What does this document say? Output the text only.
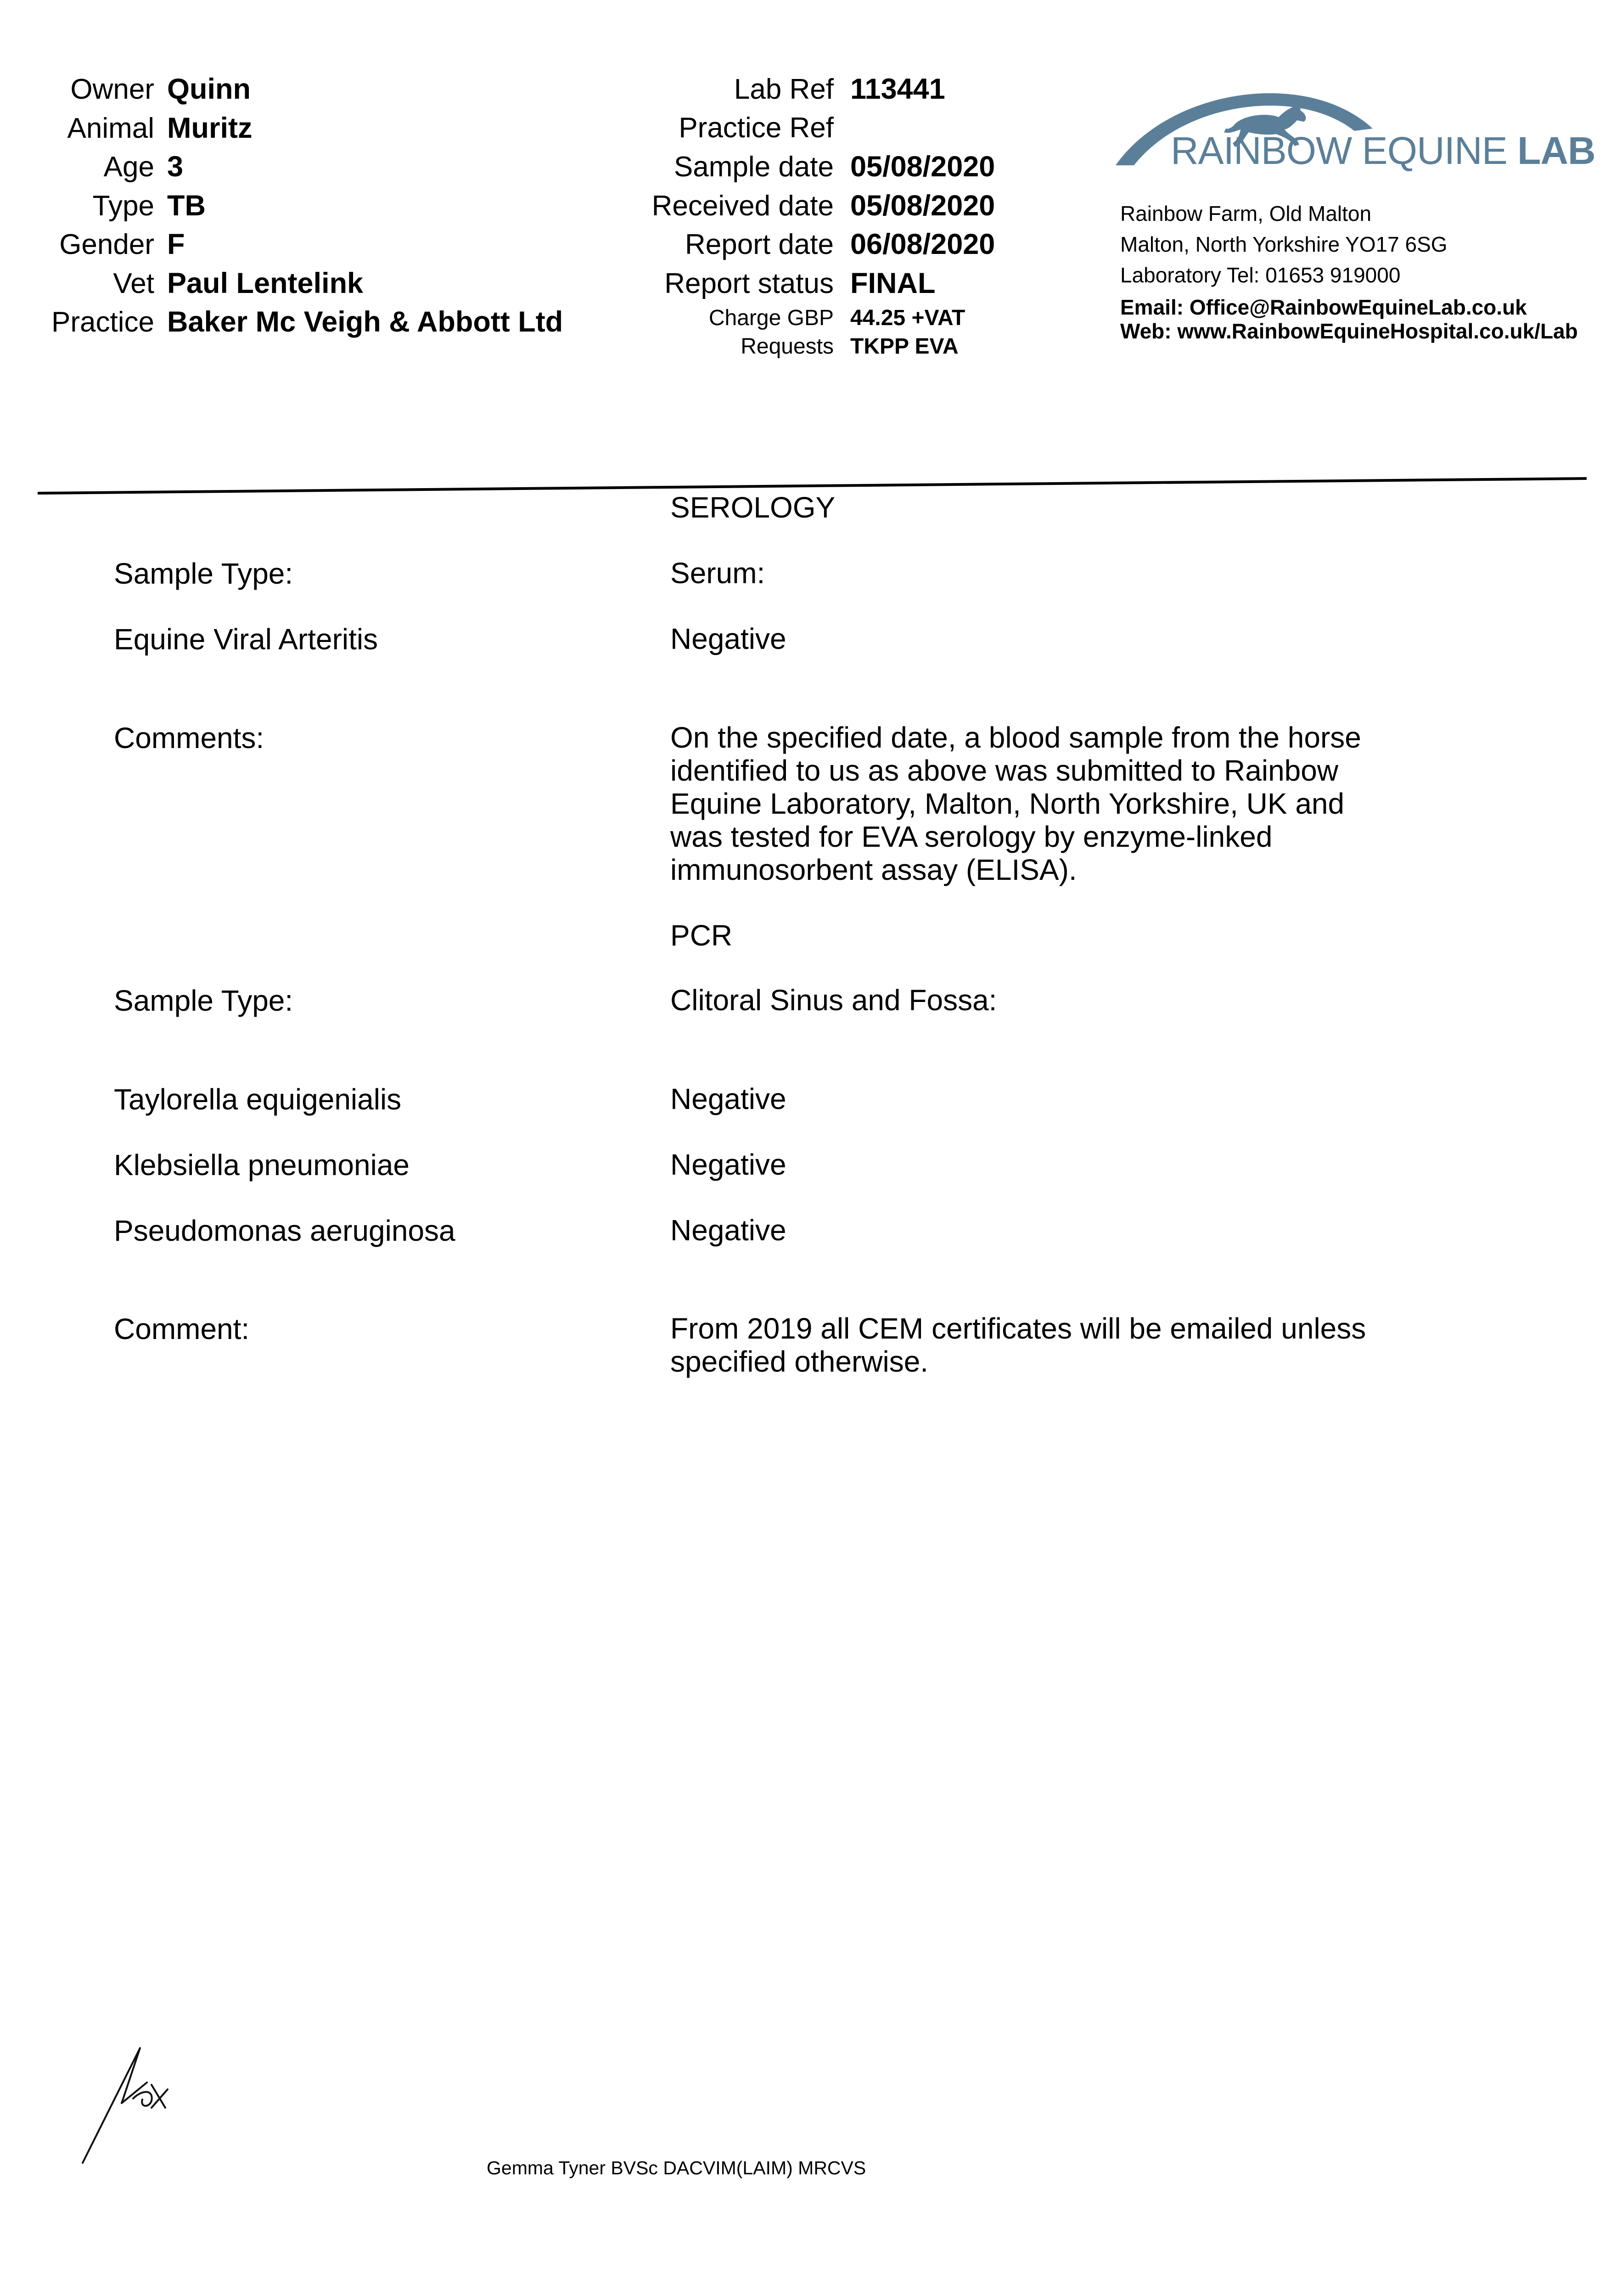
Owner Quinn
Animal Muritz
Age 3
Type TB
Gender F
Vet Paul Lentelink
Practice Baker Mc Veigh & Abbott Ltd
Lab Ref 113441
Practice Ref
Sample date 05/08/2020
Received date 05/08/2020
Report date 06/08/2020
Report status FINAL
Charge GBP 44.25 +VAT
Requests TKPP EVA
RAINBOW EQUINE LAB
Rainbow Farm, Old Malton
Malton, North Yorkshire YO17 6SG
Laboratory Tel: 01653 919000
Email: Office@RainbowEquineLab.co.uk
Web: www.RainbowEquineHospital.co.uk/Lab
SEROLOGY
Sample Type:	Serum:
Equine Viral Arteritis	Negative
Comments:	On the specified date, a blood sample from the horse identified to us as above was submitted to Rainbow Equine Laboratory, Malton, North Yorkshire, UK and was tested for EVA serology by enzyme-linked immunosorbent assay (ELISA).
PCR
Sample Type:	Clitoral Sinus and Fossa:
Taylorella equigenialis	Negative
Klebsiella pneumoniae	Negative
Pseudomonas aeruginosa	Negative
Comment:	From 2019 all CEM certificates will be emailed unless specified otherwise.
Gemma Tyner BVSc DACVIM(LAIM) MRCVS
